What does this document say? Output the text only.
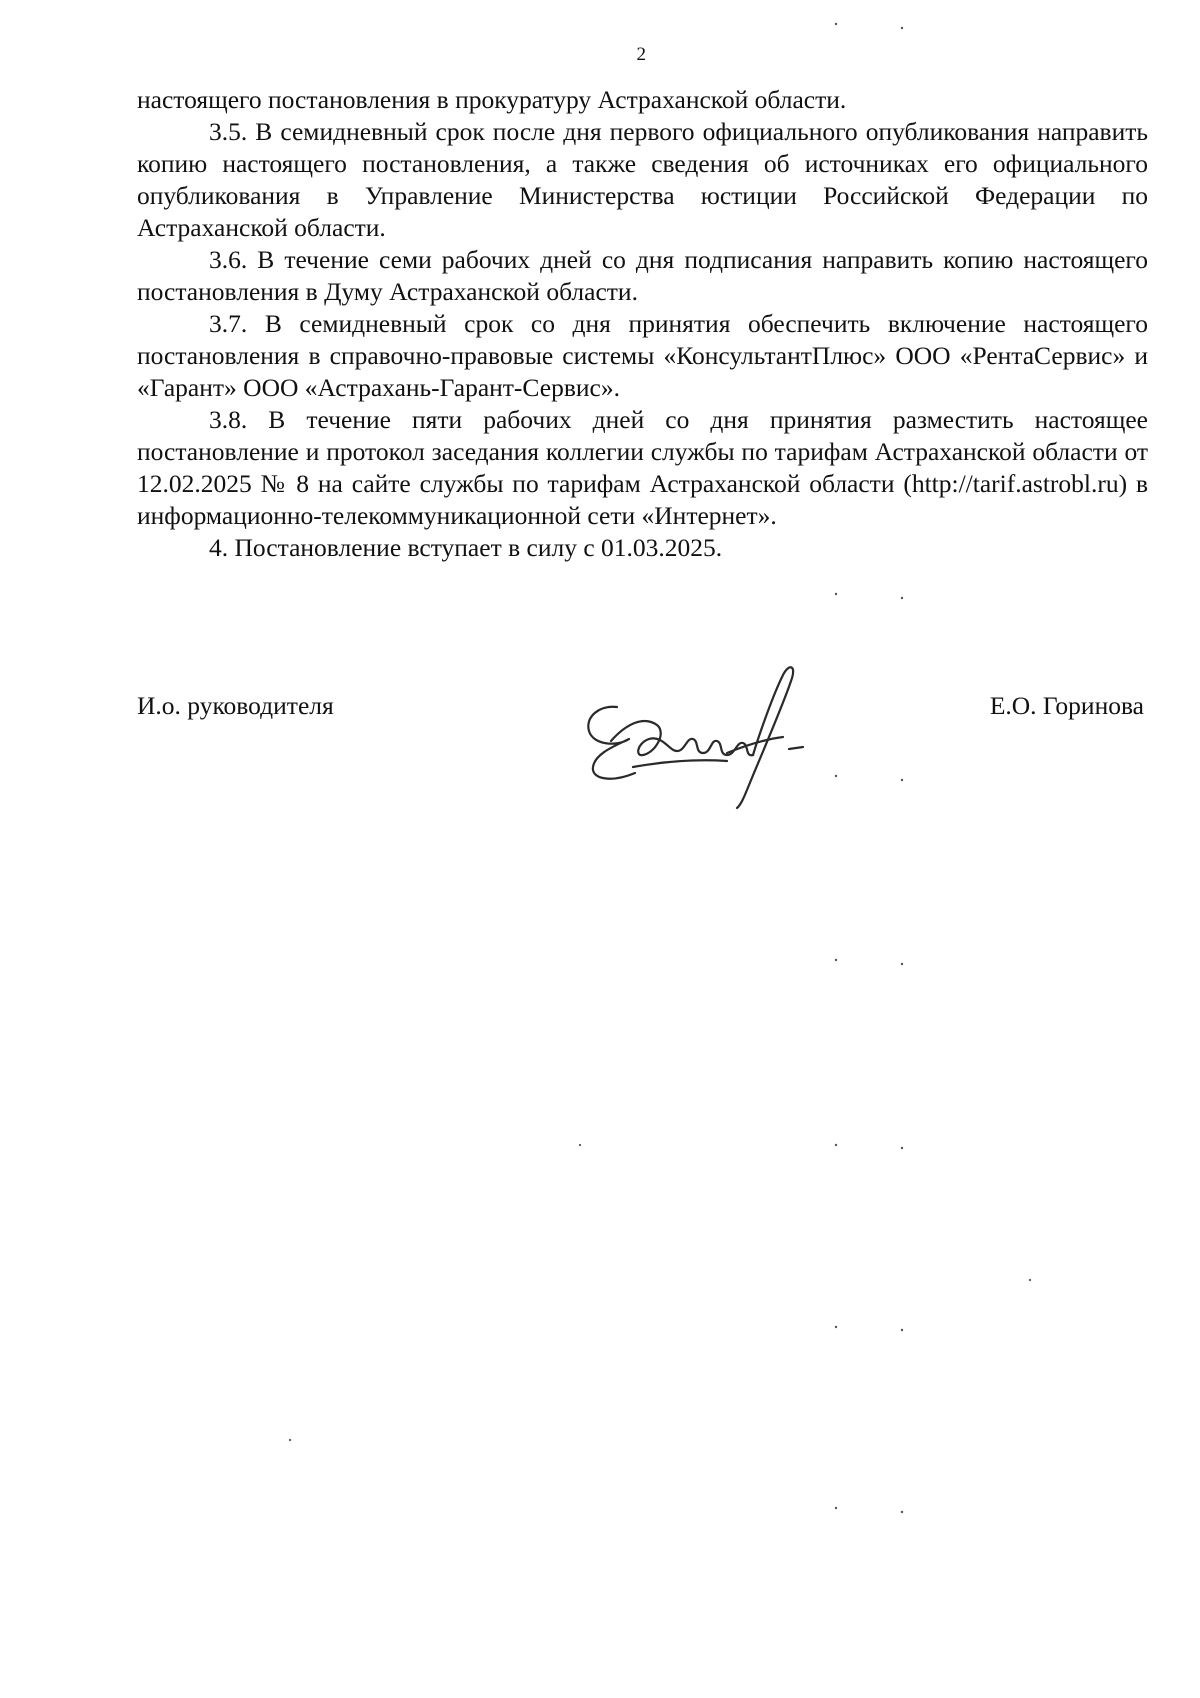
2

настоящего постановления в прокуратуру Астраханской области.

3.5. В семидневный срок после дня первого официального опубликования направить копию настоящего постановления, а также сведения об источниках его официального опубликования в Управление Министерства юстиции Российской Федерации по Астраханской области.

3.6. В течение семи рабочих дней со дня подписания направить копию настоящего постановления в Думу Астраханской области.

3.7. В семидневный срок со дня принятия обеспечить включение настоящего постановления в справочно-правовые системы «КонсультантПлюс» ООО «РентаСервис» и «Гарант» ООО «Астрахань-Гарант-Сервис».

3.8. В течение пяти рабочих дней со дня принятия разместить настоящее постановление и протокол заседания коллегии службы по тарифам Астраханской области от 12.02.2025 № 8 на сайте службы по тарифам Астраханской области (http://tarif.astrobl.ru) в информационно-телекоммуникационной сети «Интернет».

4. Постановление вступает в силу с 01.03.2025.

И.о. руководителя	Е.О. Горинова
